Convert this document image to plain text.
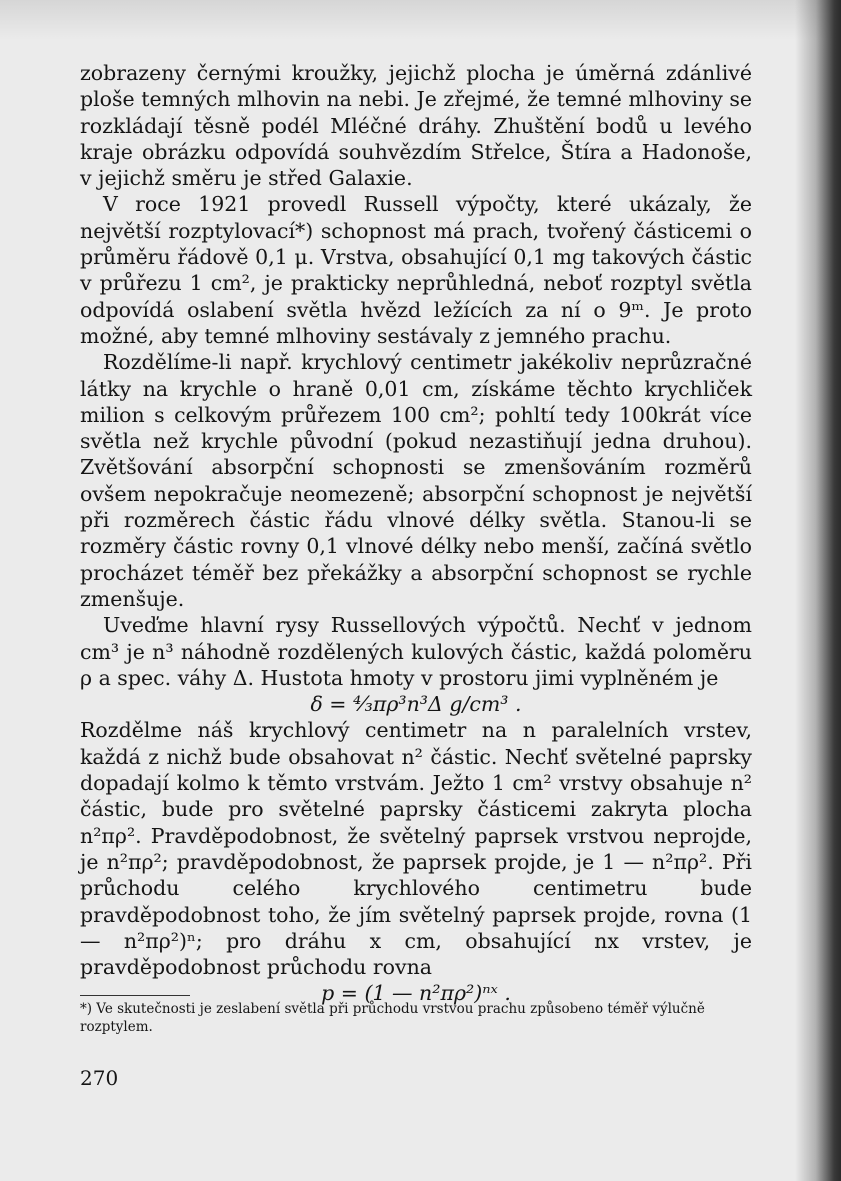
zobrazeny černými kroužky, jejichž plocha je úměrná zdánlivé ploše temných mlhovin na nebi. Je zřejmé, že temné mlhoviny se rozkládají těsně podél Mléčné dráhy. Zhuštění bodů u levého kraje obrázku odpovídá souhvězdím Střelce, Štíra a Hadonoše, v jejichž směru je střed Galaxie.

V roce 1921 provedl Russell výpočty, které ukázaly, že největší rozptylovací*) schopnost má prach, tvořený částicemi o průměru řádově 0,1 μ. Vrstva, obsahující 0,1 mg takových částic v průřezu 1 cm², je prakticky neprůhledná, neboť rozptyl světla odpovídá oslabení světla hvězd ležících za ní o 9ᵐ. Je proto možné, aby temné mlhoviny sestávaly z jemného prachu.

Rozdělíme-li např. krychlový centimetr jakékoliv neprůzračné látky na krychle o hraně 0,01 cm, získáme těchto krychliček milion s celkovým průřezem 100 cm²; pohltí tedy 100krát více světla než krychle původní (pokud nezastiňují jedna druhou). Zvětšování absorpční schopnosti se zmenšováním rozměrů ovšem nepokračuje neomezeně; absorpční schopnost je největší při rozměrech částic řádu vlnové délky světla. Stanou-li se rozměry částic rovny 0,1 vlnové délky nebo menší, začíná světlo procházet téměř bez překážky a absorpční schopnost se rychle zmenšuje.

Uveďme hlavní rysy Russellových výpočtů. Nechť v jednom cm³ je n³ náhodně rozdělených kulových částic, každá poloměru ρ a spec. váhy Δ. Hustota hmoty v prostoru jimi vyplněném je

δ = ⁴⁄₃πρ³n³Δ g/cm³ .

Rozdělme náš krychlový centimetr na n paralelních vrstev, každá z nichž bude obsahovat n² částic. Nechť světelné paprsky dopadají kolmo k těmto vrstvám. Ježto 1 cm² vrstvy obsahuje n² částic, bude pro světelné paprsky částicemi zakryta plocha n²πρ². Pravděpodobnost, že světelný paprsek vrstvou neprojde, je n²πρ²; pravděpodobnost, že paprsek projde, je 1 — n²πρ². Při průchodu celého krychlového centimetru bude pravděpodobnost toho, že jím světelný paprsek projde, rovna (1 — n²πρ²)ⁿ; pro dráhu x cm, obsahující nx vrstev, je pravděpodobnost průchodu rovna

p = (1 — n²πρ²)ⁿˣ .

*) Ve skutečnosti je zeslabení světla při průchodu vrstvou prachu způsobeno téměř výlučně rozptylem.
270
